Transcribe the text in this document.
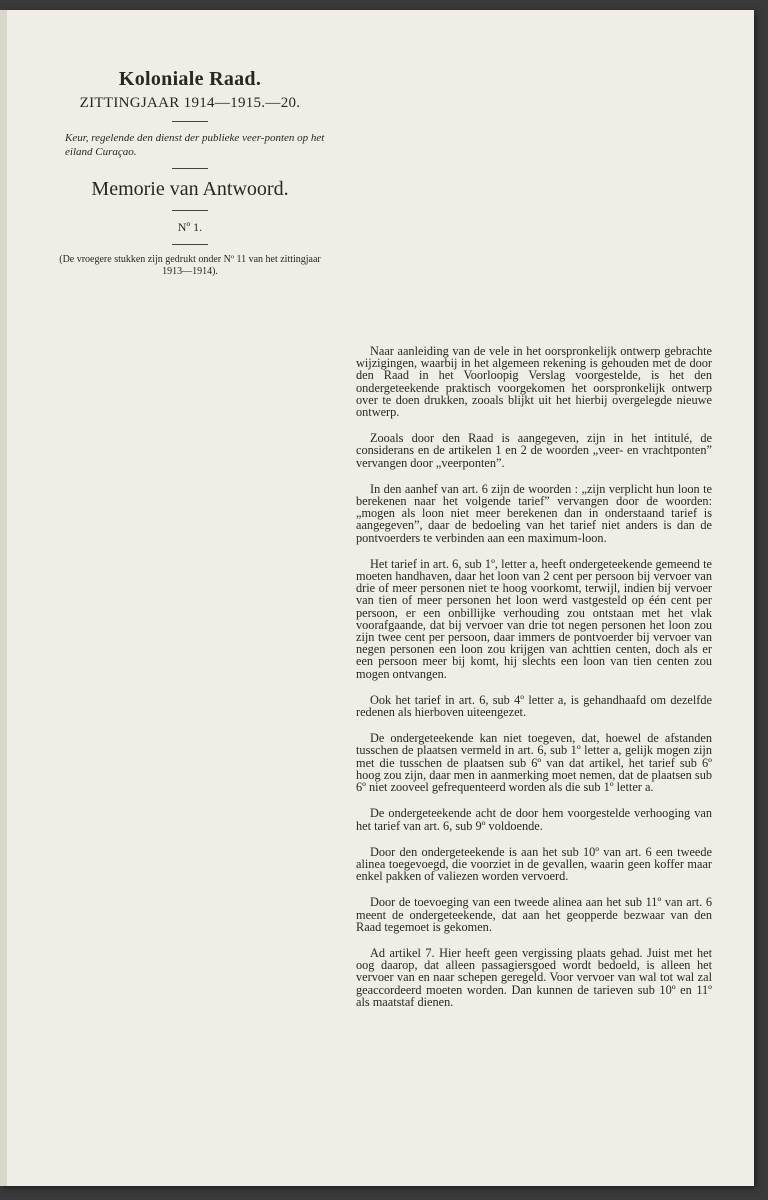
Koloniale Raad.

ZITTINGJAAR 1914—1915.—20.

Keur, regelende den dienst der publieke veer-ponten op het eiland Curaçao.

Memorie van Antwoord.

Nº 1.

(De vroegere stukken zijn gedrukt onder Nº 11 van het zittingjaar 1913—1914).

Naar aanleiding van de vele in het oorspronkelijk ontwerp gebrachte wijzigingen, waarbij in het algemeen rekening is gehouden met de door den Raad in het Voorloopig Verslag voorgestelde, is het den ondergeteekende praktisch voorgekomen het oorspronkelijk ontwerp over te doen drukken, zooals blijkt uit het hierbij overgelegde nieuwe ontwerp.

Zooals door den Raad is aangegeven, zijn in het intitulé, de considerans en de artikelen 1 en 2 de woorden „veer- en vrachtponten” vervangen door „veerponten”.

In den aanhef van art. 6 zijn de woorden : „zijn verplicht hun loon te berekenen naar het volgende tarief” vervangen door de woorden: „mogen als loon niet meer berekenen dan in onderstaand tarief is aangegeven”, daar de bedoeling van het tarief niet anders is dan de pontvoerders te verbinden aan een maximum-loon.

Het tarief in art. 6, sub 1º, letter a, heeft ondergeteekende gemeend te moeten handhaven, daar het loon van 2 cent per persoon bij vervoer van drie of meer personen niet te hoog voorkomt, terwijl, indien bij vervoer van tien of meer personen het loon werd vastgesteld op één cent per persoon, er een onbillijke verhouding zou ontstaan met het vlak voorafgaande, dat bij vervoer van drie tot negen personen het loon zou zijn twee cent per persoon, daar immers de pontvoerder bij vervoer van negen personen een loon zou krijgen van achttien centen, doch als er een persoon meer bij komt, hij slechts een loon van tien centen zou mogen ontvangen.

Ook het tarief in art. 6, sub 4º letter a, is gehandhaafd om dezelfde redenen als hierboven uiteengezet.

De ondergeteekende kan niet toegeven, dat, hoewel de afstanden tusschen de plaatsen vermeld in art. 6, sub 1º letter a, gelijk mogen zijn met die tusschen de plaatsen sub 6º van dat artikel, het tarief sub 6º hoog zou zijn, daar men in aanmerking moet nemen, dat de plaatsen sub 6º niet zooveel gefrequenteerd worden als die sub 1º letter a.

De ondergeteekende acht de door hem voorgestelde verhooging van het tarief van art. 6, sub 9º voldoende.

Door den ondergeteekende is aan het sub 10º van art. 6 een tweede alinea toegevoegd, die voorziet in de gevallen, waarin geen koffer maar enkel pakken of valiezen worden vervoerd.

Door de toevoeging van een tweede alinea aan het sub 11º van art. 6 meent de ondergeteekende, dat aan het geopperde bezwaar van den Raad tegemoet is gekomen.

Ad artikel 7. Hier heeft geen vergissing plaats gehad. Juist met het oog daarop, dat alleen passagiersgoed wordt bedoeld, is alleen het vervoer van en naar schepen geregeld. Voor vervoer van wal tot wal zal geaccordeerd moeten worden. Dan kunnen de tarieven sub 10º en 11º als maatstaf dienen.
